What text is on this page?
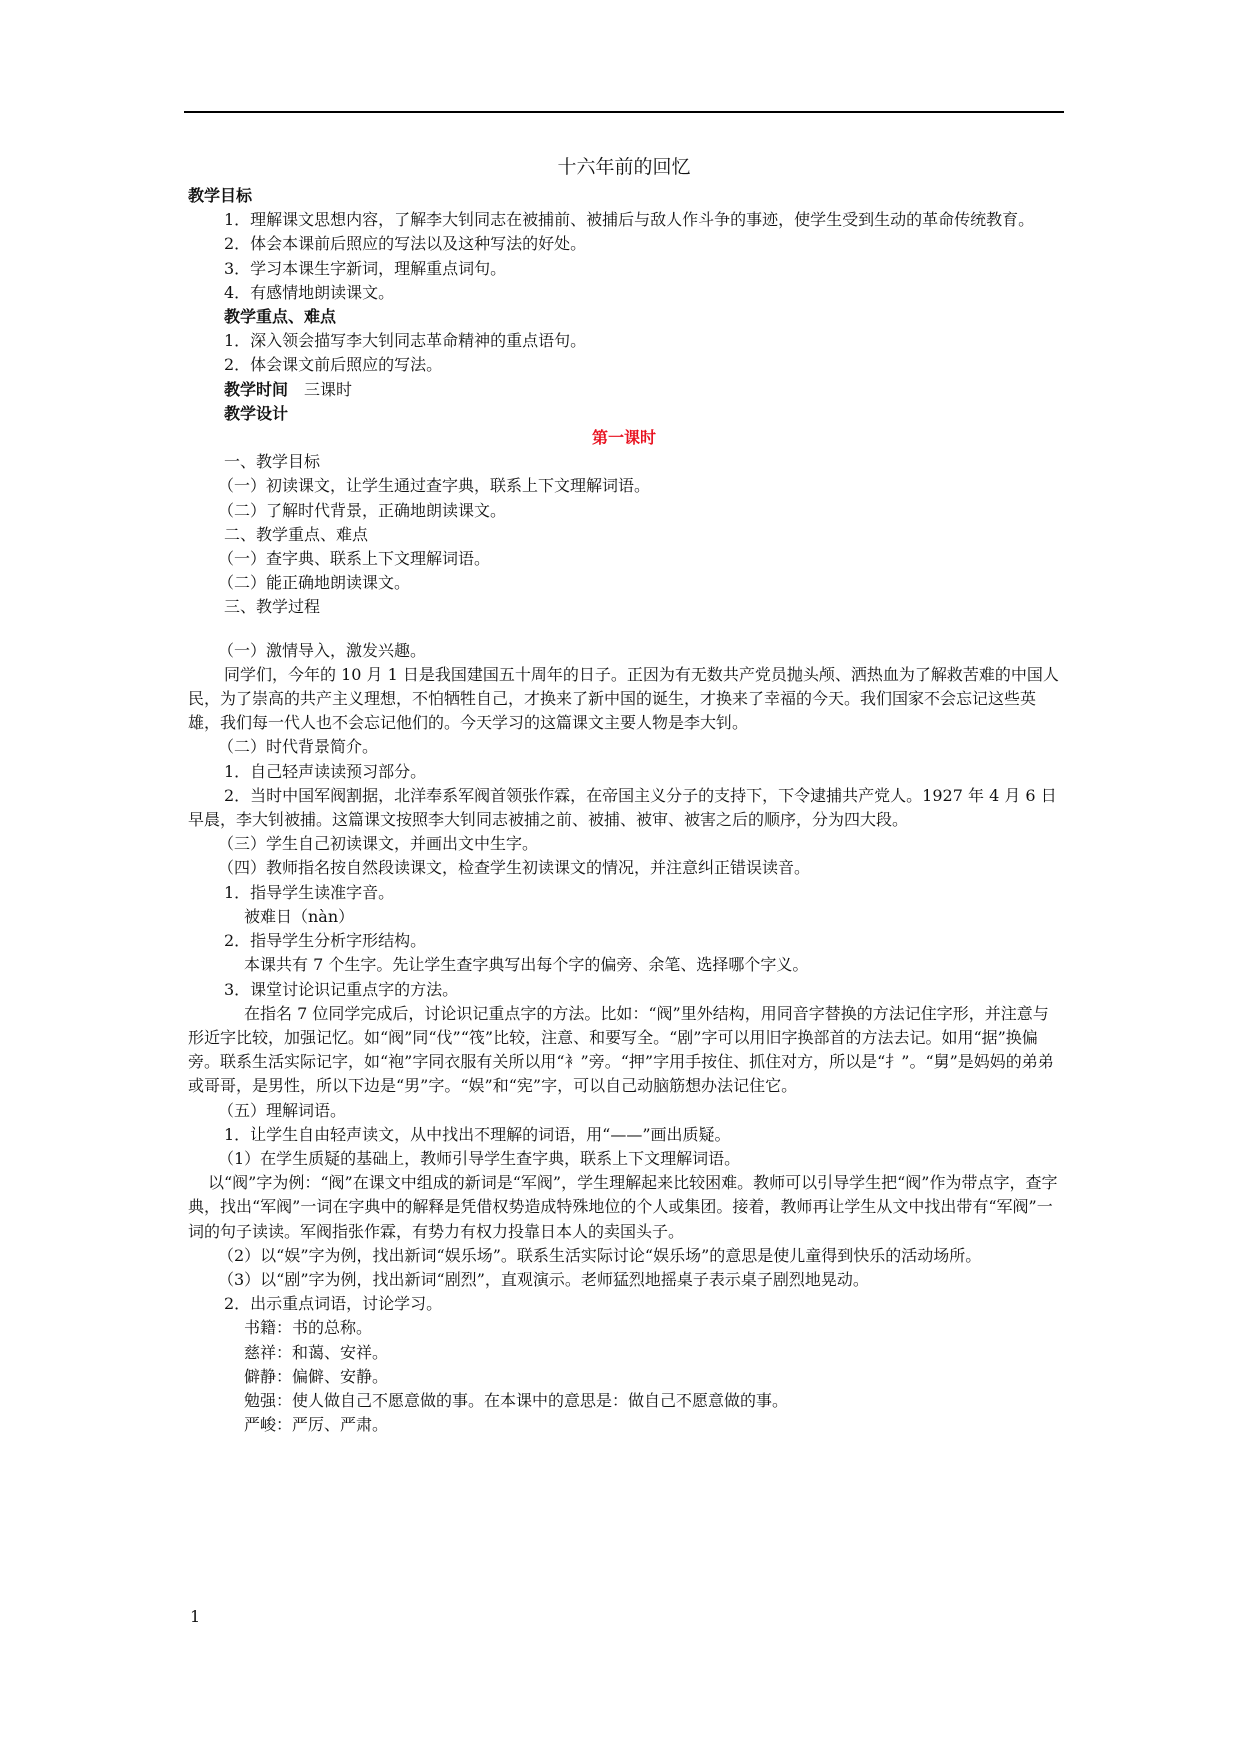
十六年前的回忆

教学目标

1．理解课文思想内容，了解李大钊同志在被捕前、被捕后与敌人作斗争的事迹，使学生受到生动的革命传统教育。

2．体会本课前后照应的写法以及这种写法的好处。

3．学习本课生字新词，理解重点词句。

4．有感情地朗读课文。

教学重点、难点

1．深入领会描写李大钊同志革命精神的重点语句。

2．体会课文前后照应的写法。

教学时间　 三课时

教学设计

第一课时

一、教学目标

（一）初读课文，让学生通过查字典，联系上下文理解词语。

（二）了解时代背景，正确地朗读课文。

二、教学重点、难点

（一）查字典、联系上下文理解词语。

（二）能正确地朗读课文。

三、教学过程

（一）激情导入，激发兴趣。

同学们，今年的 10 月 1 日是我国建国五十周年的日子。正因为有无数共产党员抛头颅、洒热血为了解救苦难的中国人民，为了崇高的共产主义理想，不怕牺牲自己，才换来了新中国的诞生，才换来了幸福的今天。我们国家不会忘记这些英雄，我们每一代人也不会忘记他们的。今天学习的这篇课文主要人物是李大钊。

（二）时代背景简介。

1．自己轻声读读预习部分。

2．当时中国军阀割据，北洋奉系军阀首领张作霖，在帝国主义分子的支持下，下令逮捕共产党人。1927 年 4 月 6 日早晨，李大钊被捕。这篇课文按照李大钊同志被捕之前、被捕、被审、被害之后的顺序，分为四大段。

（三）学生自己初读课文，并画出文中生字。

（四）教师指名按自然段读课文，检查学生初读课文的情况，并注意纠正错误读音。

1．指导学生读准字音。

被难日（nàn）

2．指导学生分析字形结构。

本课共有 7 个生字。先让学生查字典写出每个字的偏旁、余笔、选择哪个字义。

3．课堂讨论识记重点字的方法。

在指名 7 位同学完成后，讨论识记重点字的方法。比如：“阀”里外结构，用同音字替换的方法记住字形，并注意与形近字比较，加强记忆。如“阀”同“伐”“筏”比较，注意、和要写全。“剧”字可以用旧字换部首的方法去记。如用“据”换偏旁。联系生活实际记字，如“袍”字同衣服有关所以用“衤”旁。“押”字用手按住、抓住对方，所以是“扌”。“舅”是妈妈的弟弟或哥哥，是男性，所以下边是“男”字。“娱”和“宪”字，可以自己动脑筋想办法记住它。

（五）理解词语。

1．让学生自由轻声读文，从中找出不理解的词语，用“——”画出质疑。

（1）在学生质疑的基础上，教师引导学生查字典，联系上下文理解词语。

以“阀”字为例：“阀”在课文中组成的新词是“军阀”，学生理解起来比较困难。教师可以引导学生把“阀”作为带点字，查字典，找出“军阀”一词在字典中的解释是凭借权势造成特殊地位的个人或集团。接着，教师再让学生从文中找出带有“军阀”一词的句子读读。军阀指张作霖，有势力有权力投靠日本人的卖国头子。

（2）以“娱”字为例，找出新词“娱乐场”。联系生活实际讨论“娱乐场”的意思是使儿童得到快乐的活动场所。

（3）以“剧”字为例，找出新词“剧烈”，直观演示。老师猛烈地摇桌子表示桌子剧烈地晃动。

2．出示重点词语，讨论学习。

书籍：书的总称。

慈祥：和蔼、安祥。

僻静：偏僻、安静。

勉强：使人做自己不愿意做的事。在本课中的意思是：做自己不愿意做的事。

严峻：严厉、严肃。

1
